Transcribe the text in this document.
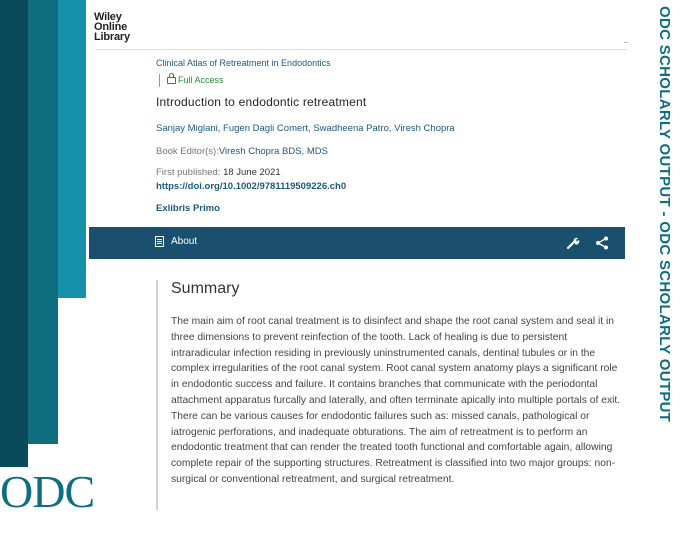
ODC
ODC SCHOLARLY OUTPUT - ODC SCHOLARLY OUTPUT
Wiley
Online
Library
Clinical Atlas of Retreatment in Endodontics
Full Access
Introduction to endodontic retreatment
Sanjay Miglani, Fugen Dagli Comert, Swadheena Patro, Viresh Chopra
Book Editor(s):Viresh Chopra BDS, MDS
First published: 18 June 2021
https://doi.org/10.1002/9781119509226.ch0
Exlibris Primo
About
Summary
The main aim of root canal treatment is to disinfect and shape the root canal system and seal it in three dimensions to prevent reinfection of the tooth. Lack of healing is due to persistent intraradicular infection residing in previously uninstrumented canals, dentinal tubules or in the complex irregularities of the root canal system. Root canal system anatomy plays a significant role in endodontic success and failure. It contains branches that communicate with the periodontal attachment apparatus furcally and laterally, and often terminate apically into multiple portals of exit. There can be various causes for endodontic failures such as: missed canals, pathological or iatrogenic perforations, and inadequate obturations. The aim of retreatment is to perform an endodontic treatment that can render the treated tooth functional and comfortable again, allowing complete repair of the supporting structures. Retreatment is classified into two major groups: non-surgical or conventional retreatment, and surgical retreatment.
